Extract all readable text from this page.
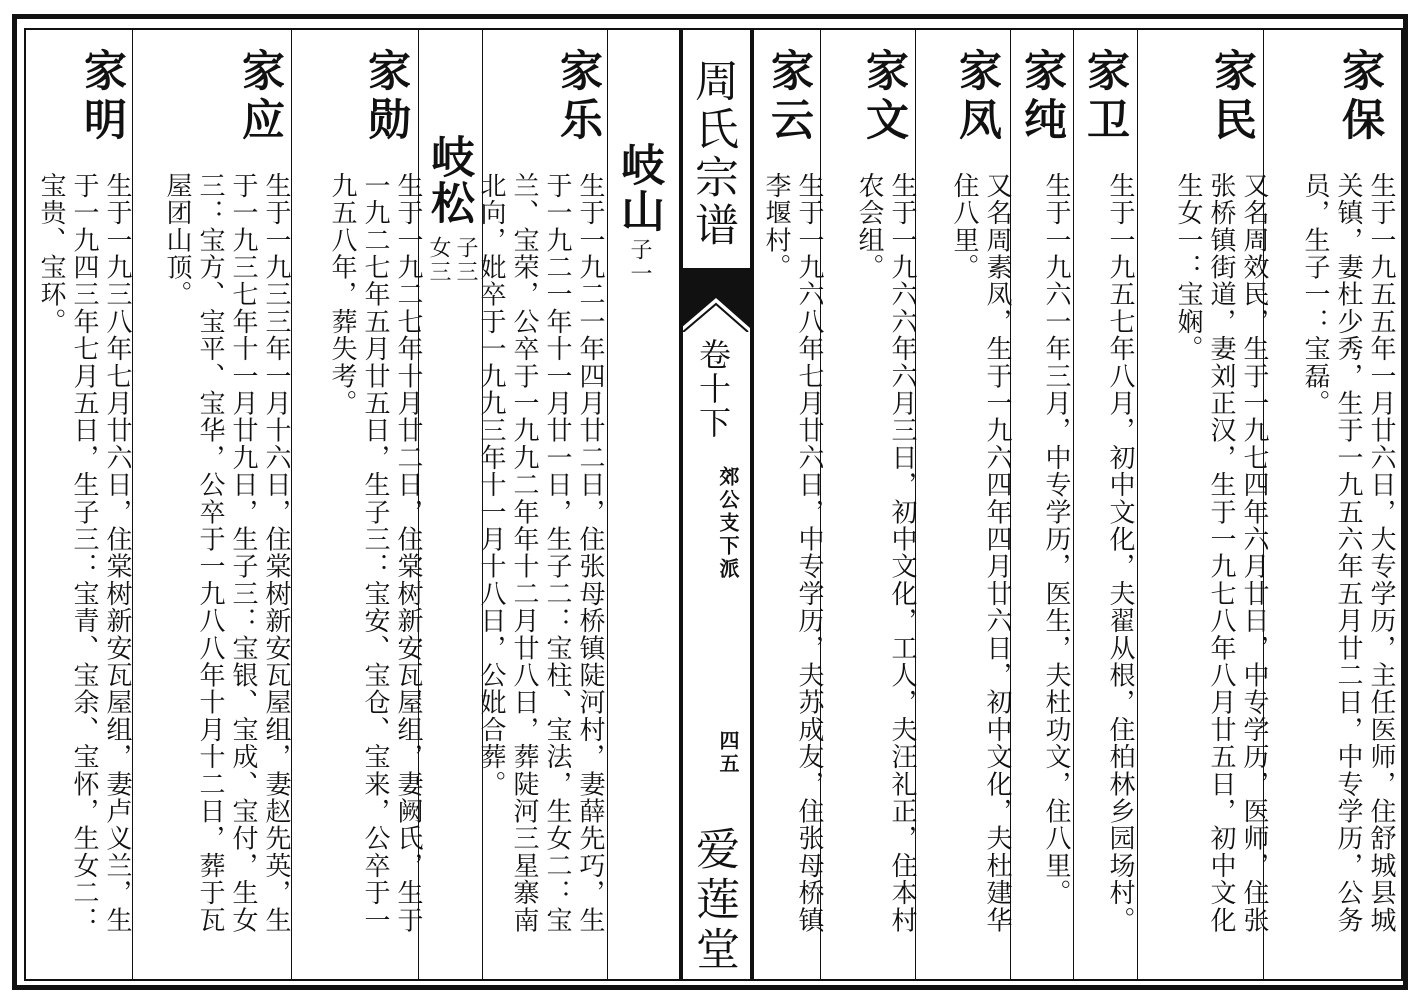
周氏宗谱
卷十下
郊公支下派
四五
爱莲堂
家保
生于一九五五年一月廿六日，大专学历，主任医师，住舒城县城关镇，妻杜少秀，生于一九五六年五月廿二日，中专学历，公务员，生子一：宝磊。
家民
又名周效民，生于一九七四年六月廿日，中专学历，医师，住张张桥镇街道，妻刘正汉，生于一九七八年八月廿五日，初中文化生女一：宝娴。
家卫
生于一九五七年八月，初中文化，夫翟从根，住柏林乡园场村。
家纯
生于一九六一年三月，中专学历，医生，夫杜功文，住八里。
家凤
又名周素凤，生于一九六四年四月廿六日，初中文化，夫杜建华住八里。
家文
生于一九六六年六月三日，初中文化，工人，夫汪礼正，住本村农会组。
家云
生于一九六八年七月廿六日，中专学历，夫苏成友，住张母桥镇李堰村。
岐山
子一
岐松
子三
女三
家乐
生于一九二一年四月廿二日，住张母桥镇陡河村，妻薛先巧，生于一九二一年十一月廿一日，生子二：宝柱、宝法，生女二：宝兰、宝荣，公卒于一九九二年年十二月廿八日，葬陡河三星寨南北向，妣卒于一九九三年十一月十八日，公妣合葬。
家勋
生于一九二七年十月廿二日，住棠树新安瓦屋组，妻阙氏，生于一九二七年五月廿五日，生子三：宝安、宝仓、宝来，公卒于一九五八年，葬失考。
家应
生于一九三三年一月十六日，住棠树新安瓦屋组，妻赵先英，生于一九三七年十一月廿九日，生子三：宝银、宝成、宝付，生女三：宝方、宝平、宝华，公卒于一九八八年十月十二日，葬于瓦屋团山顶。
家明
生于一九三八年七月廿六日，住棠树新安瓦屋组，妻卢义兰，生于一九四三年七月五日，生子三：宝青、宝余、宝怀，生女二：宝贵、宝环。
